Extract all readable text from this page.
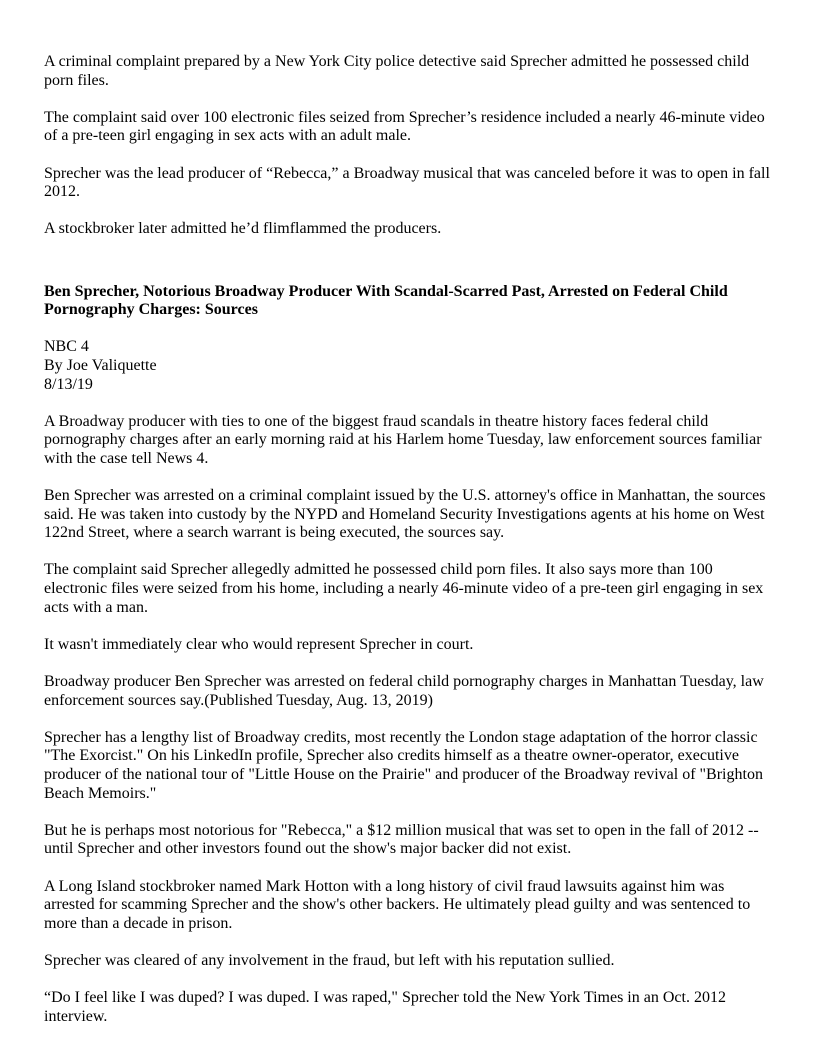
A criminal complaint prepared by a New York City police detective said Sprecher admitted he possessed child porn files.

The complaint said over 100 electronic files seized from Sprecher’s residence included a nearly 46-minute video of a pre-teen girl engaging in sex acts with an adult male.

Sprecher was the lead producer of “Rebecca,” a Broadway musical that was canceled before it was to open in fall 2012.

A stockbroker later admitted he’d flimflammed the producers.

Ben Sprecher, Notorious Broadway Producer With Scandal-Scarred Past, Arrested on Federal Child Pornography Charges: Sources

NBC 4
By Joe Valiquette
8/13/19

A Broadway producer with ties to one of the biggest fraud scandals in theatre history faces federal child pornography charges after an early morning raid at his Harlem home Tuesday, law enforcement sources familiar with the case tell News 4.

Ben Sprecher was arrested on a criminal complaint issued by the U.S. attorney's office in Manhattan, the sources said. He was taken into custody by the NYPD and Homeland Security Investigations agents at his home on West 122nd Street, where a search warrant is being executed, the sources say.

The complaint said Sprecher allegedly admitted he possessed child porn files. It also says more than 100 electronic files were seized from his home, including a nearly 46-minute video of a pre-teen girl engaging in sex acts with a man.

It wasn't immediately clear who would represent Sprecher in court.

Broadway producer Ben Sprecher was arrested on federal child pornography charges in Manhattan Tuesday, law enforcement sources say.(Published Tuesday, Aug. 13, 2019)

Sprecher has a lengthy list of Broadway credits, most recently the London stage adaptation of the horror classic "The Exorcist." On his LinkedIn profile, Sprecher also credits himself as a theatre owner-operator, executive producer of the national tour of "Little House on the Prairie" and producer of the Broadway revival of "Brighton Beach Memoirs."

But he is perhaps most notorious for "Rebecca," a $12 million musical that was set to open in the fall of 2012 -- until Sprecher and other investors found out the show's major backer did not exist.

A Long Island stockbroker named Mark Hotton with a long history of civil fraud lawsuits against him was arrested for scamming Sprecher and the show's other backers. He ultimately plead guilty and was sentenced to more than a decade in prison.

Sprecher was cleared of any involvement in the fraud, but left with his reputation sullied.

“Do I feel like I was duped? I was duped. I was raped," Sprecher told the New York Times in an Oct. 2012 interview.
